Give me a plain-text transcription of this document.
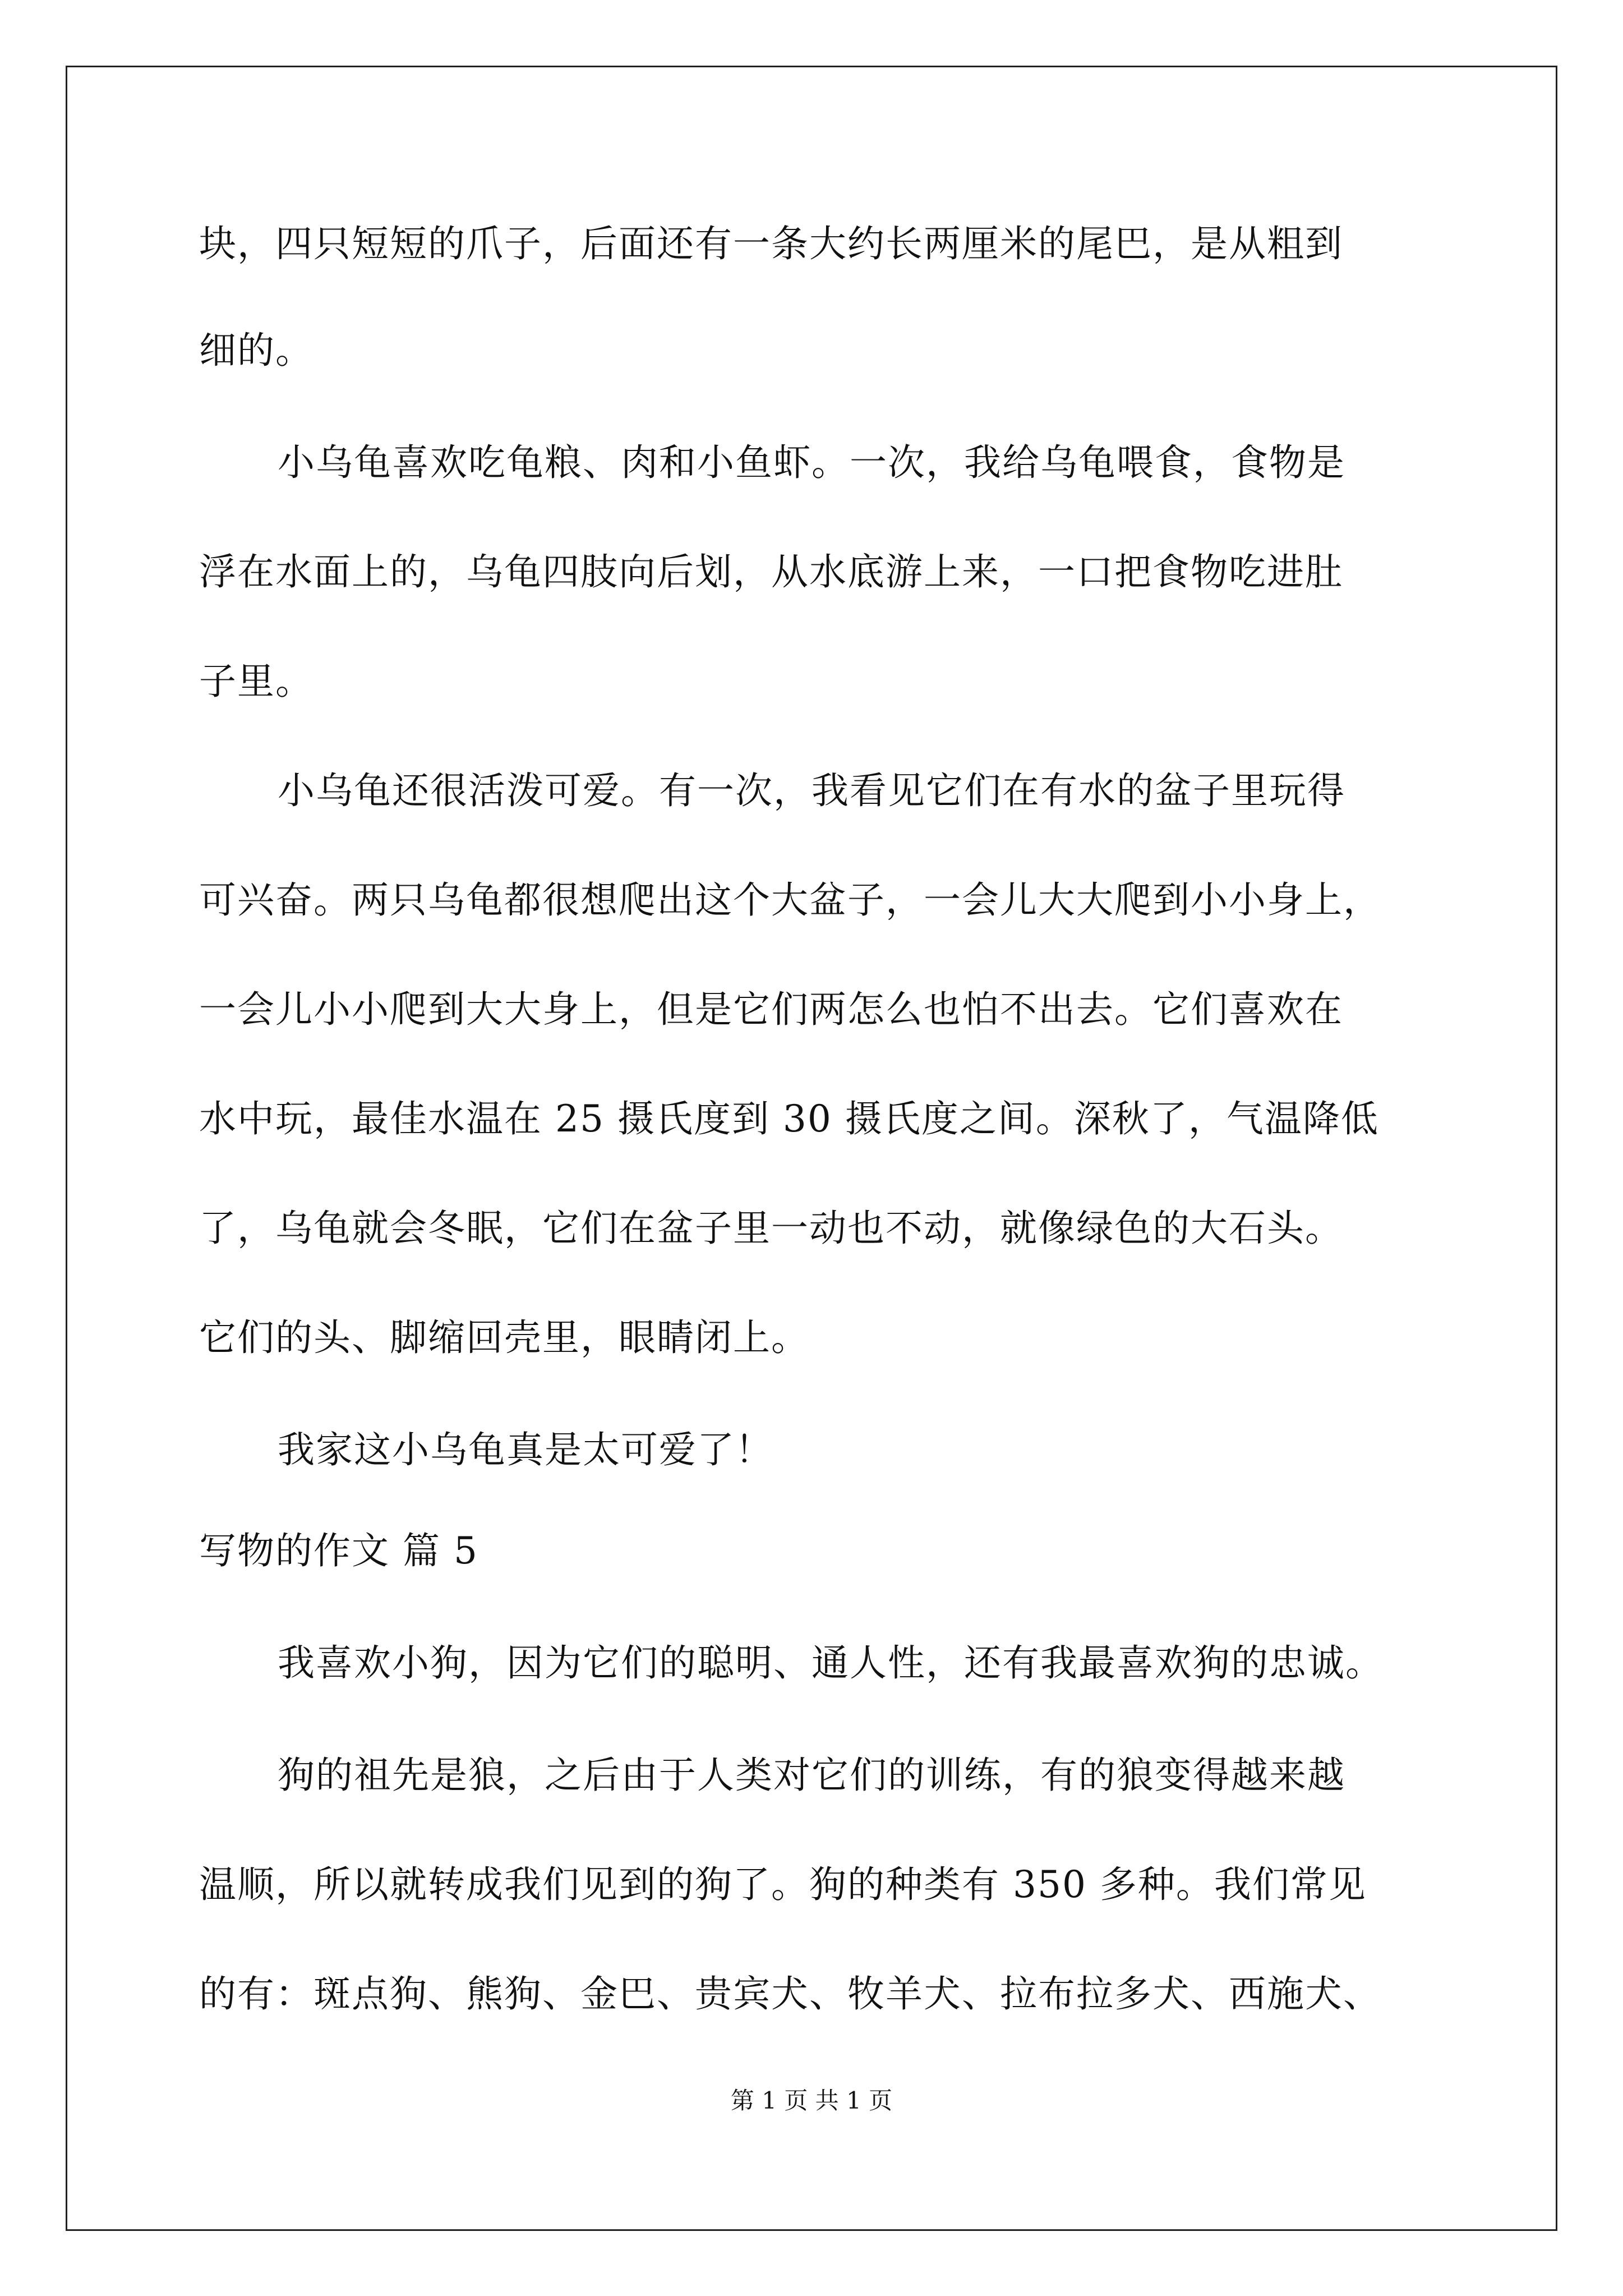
块，四只短短的爪子，后面还有一条大约长两厘米的尾巴，是从粗到
细的。
小乌龟喜欢吃龟粮、肉和小鱼虾。一次，我给乌龟喂食，食物是
浮在水面上的，乌龟四肢向后划，从水底游上来，一口把食物吃进肚
子里。
小乌龟还很活泼可爱。有一次，我看见它们在有水的盆子里玩得
可兴奋。两只乌龟都很想爬出这个大盆子，一会儿大大爬到小小身上，
一会儿小小爬到大大身上，但是它们两怎么也怕不出去。它们喜欢在
水中玩，最佳水温在 25 摄氏度到 30 摄氏度之间。深秋了，气温降低
了，乌龟就会冬眠，它们在盆子里一动也不动，就像绿色的大石头。
它们的头、脚缩回壳里，眼睛闭上。
我家这小乌龟真是太可爱了！
写物的作文 篇 5
我喜欢小狗，因为它们的聪明、通人性，还有我最喜欢狗的忠诚。
狗的祖先是狼，之后由于人类对它们的训练，有的狼变得越来越
温顺，所以就转成我们见到的狗了。狗的种类有 350 多种。我们常见
的有：斑点狗、熊狗、金巴、贵宾犬、牧羊犬、拉布拉多犬、西施犬、
第 1 页 共 1 页
